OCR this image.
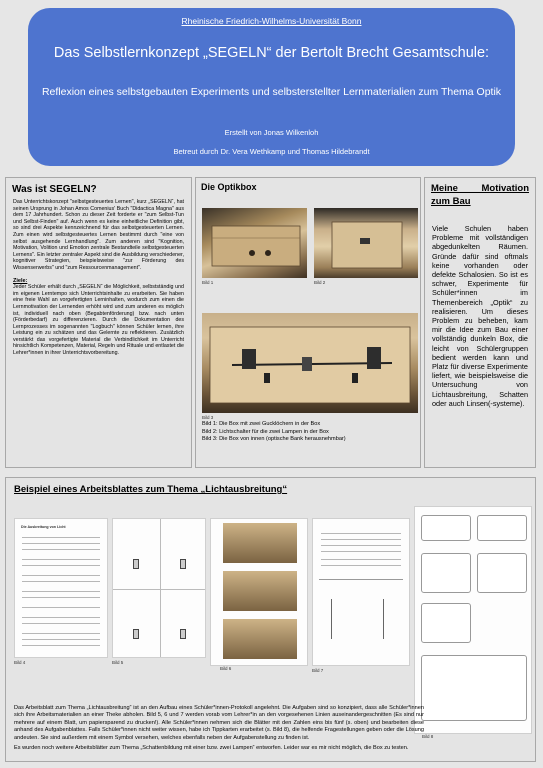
Rheinische Friedrich-Wilhelms-Universität Bonn
Das Selbstlernkonzept „SEGELN“ der Bertolt Brecht Gesamtschule:
Reflexion eines selbstgebauten Experiments und selbsterstellter Lernmaterialien zum Thema Optik
Erstellt von Jonas Wilkenloh
Betreut durch Dr. Vera Wethkamp und Thomas Hildebrandt
Was ist SEGELN?
Das Unterrichtskonzept "selbstgesteuertes Lernen", kurz „SEGELN“, hat seinen Ursprung in Johan Amos Comenius' Buch "Didactica Magna" aus dem 17 Jahrhundert. Schon zu dieser Zeit forderte er "zum Selbst-Tun und Selbst-Finden" auf. Auch wenn es keine einheitliche Definition gibt, so sind drei Aspekte kennzeichnend für das selbstgesteuerten Lernen. Zum einen wird selbstgesteuertes Lernen bestimmt durch "eine von selbst ausgehende Lernhandlung". Zum anderen sind "Kognition, Motivation, Volition und Emotion zentrale Bestandteile selbstgesteuerten Lernens". Ein letzter zentraler Aspekt sind die Ausbildung verschiedener, kognitiver Strategien, beispielsweise "zur Förderung des Wissenserwerbs" und "zum Ressourcenmanagement".
Ziele:
Jeder Schüler erhält durch „SEGELN“ die Möglichkeit, selbstständig und im eigenen Lerntempo sich Unterrichtsinhalte zu erarbeiten. Sie haben eine freie Wahl an vorgefertigten Lerninhalten, wodurch zum einen die Lernmotivation der Lernenden erhöht wird und zum anderen es möglich ist, individuell nach oben (Begabtenförderung) bzw. nach unten (Förderbedarf) zu differenzieren. Durch die Dokumentation des Lernprozesses im sogenannten "Logbuch" können Schüler lernen, ihre Leistung ein zu schätzen und das Gelernte zu reflektieren. Zusätzlich verstärkt das vorgefertigte Material die Verbindlichkeit im Unterricht hinsichtlich Kompetenzen, Material, Regeln und Rituale und entlastet die Lehrer*innen in ihrer Unterrichtsvorbereitung.
Die Optikbox
Bild 1	Bild 2
Bild 3
Bild 1: Die Box mit zwei Gucklöchern in der Box
Bild 2: Lichtschalter für die zwei Lampen in der Box
Bild 3: Die Box von innen (optische Bank herausnehmbar)
Meine Motivation zum Bau
Viele Schulen haben Probleme mit vollständigen abgedunkelten Räumen. Gründe dafür sind oftmals keine vorhanden oder defekte Schalosien. So ist es schwer, Experimente für Schüler*innen im Themenbereich „Optik“ zu realisieren. Um dieses Problem zu beheben, kam mir die Idee zum Bau einer vollständig dunkeln Box, die leicht von Schülergruppen bedient werden kann und Platz für diverse Experimente liefert, wie beispielsweise die Untersuchung von Lichtausbreitung, Schatten oder auch Linsen(-systeme).
Beispiel eines Arbeitsblattes zum Thema „Lichtausbreitung“
Die Ausbreitung von Licht
Bild 4	Bild 5
Bild 6	Bild 7
Bild 8
Das Arbeitsblatt zum Thema „Lichtausbreitung“ ist an den Aufbau eines Schüler*innen-Protokoll angelehnt. Die Aufgaben sind so konzipiert, dass alle Schüler*innen sich ihre Arbeitsmaterialien an einer Theke abholen. Bild 5, 6 und 7 werden vorab vom Lehrer*in an den vorgesehenen Linien auseinandergeschnitten (Es sind nur mehrere auf einem Blatt, um papiersparend zu drucken!). Alle Schüler*innen nehmen sich die Blätter mit den Zahlen eins bis fünf (s. oben) und bearbeiten diese anhand des Aufgabenblattes. Falls Schüler*innen nicht weiter wissen, habe ich Tippkarten erarbeitet (s. Bild 8), die helfende Fragestellungen geben oder die Lösung andeuten. Sie sind außerdem mit einem Symbol versehen, welches ebenfalls neben der Aufgabenstellung zu finden ist.
Es wurden noch weitere Arbeitsblätter zum Thema „Schattenbildung mit einer bzw. zwei Lampen“ entworfen. Leider war es mir nicht möglich, die Box zu testen.
